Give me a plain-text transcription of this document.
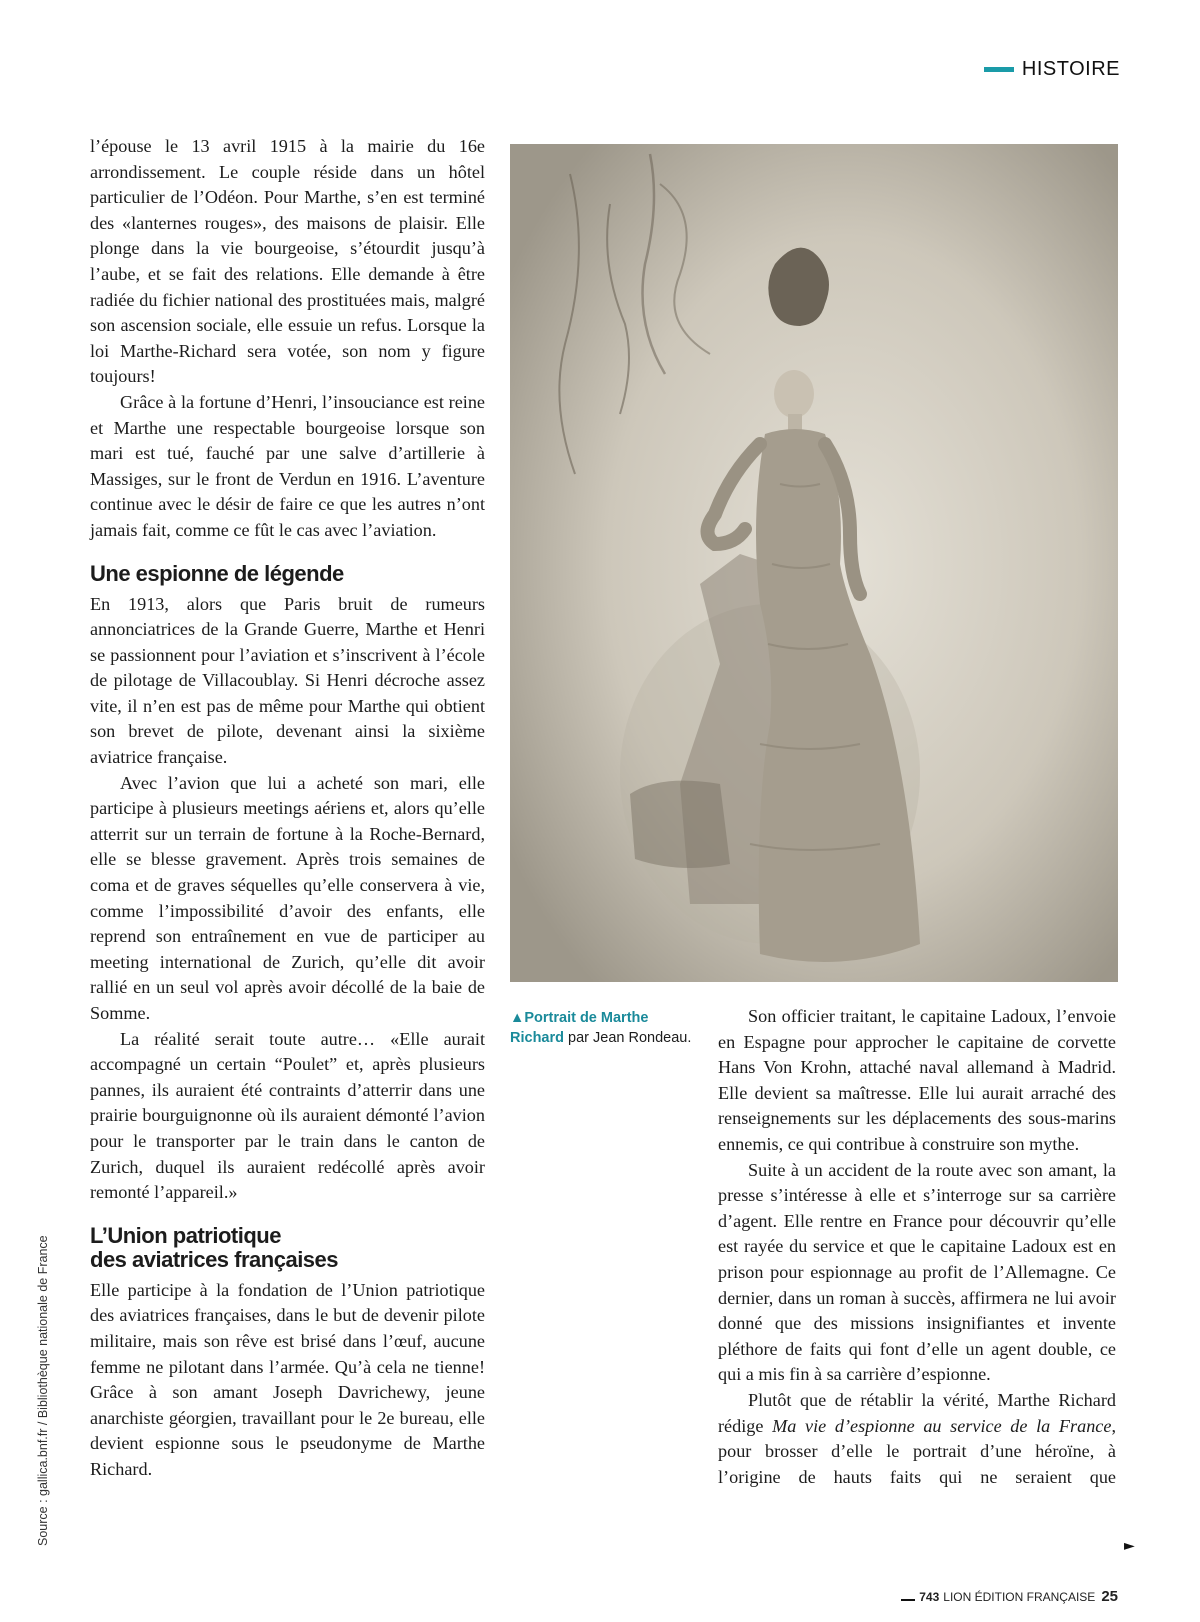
HISTOIRE

l’épouse le 13 avril 1915 à la mairie du 16e arrondissement. Le couple réside dans un hôtel particulier de l’Odéon. Pour Marthe, s’en est terminé des «lanternes rouges», des maisons de plaisir. Elle plonge dans la vie bourgeoise, s’étourdit jusqu’à l’aube, et se fait des relations. Elle demande à être radiée du fichier national des prostituées mais, malgré son ascension sociale, elle essuie un refus. Lorsque la loi Marthe-Richard sera votée, son nom y figure toujours!

Grâce à la fortune d’Henri, l’insouciance est reine et Marthe une respectable bourgeoise lorsque son mari est tué, fauché par une salve d’artillerie à Massiges, sur le front de Verdun en 1916. L’aventure continue avec le désir de faire ce que les autres n’ont jamais fait, comme ce fût le cas avec l’aviation.

Une espionne de légende

En 1913, alors que Paris bruit de rumeurs annonciatrices de la Grande Guerre, Marthe et Henri se passionnent pour l’aviation et s’inscrivent à l’école de pilotage de Villacoublay. Si Henri décroche assez vite, il n’en est pas de même pour Marthe qui obtient son brevet de pilote, devenant ainsi la sixième aviatrice française.

Avec l’avion que lui a acheté son mari, elle participe à plusieurs meetings aériens et, alors qu’elle atterrit sur un terrain de fortune à la Roche-Bernard, elle se blesse gravement. Après trois semaines de coma et de graves séquelles qu’elle conservera à vie, comme l’impossibilité d’avoir des enfants, elle reprend son entraînement en vue de participer au meeting international de Zurich, qu’elle dit avoir rallié en un seul vol après avoir décollé de la baie de Somme.

La réalité serait toute autre… «Elle aurait accompagné un certain “Poulet” et, après plusieurs pannes, ils auraient été contraints d’atterrir dans une prairie bourguignonne où ils auraient démonté l’avion pour le transporter par le train dans le canton de Zurich, duquel ils auraient redécollé après avoir remonté l’appareil.»

L’Union patriotique
des aviatrices françaises

Elle participe à la fondation de l’Union patriotique des aviatrices françaises, dans le but de devenir pilote militaire, mais son rêve est brisé dans l’œuf, aucune femme ne pilotant dans l’armée. Qu’à cela ne tienne! Grâce à son amant Joseph Davrichewy, jeune anarchiste géorgien, travaillant pour le 2e bureau, elle devient espionne sous le pseudonyme de Marthe Richard.

▲Portrait de Marthe Richard par Jean Rondeau.

Son officier traitant, le capitaine Ladoux, l’envoie en Espagne pour approcher le capitaine de corvette Hans Von Krohn, attaché naval allemand à Madrid. Elle devient sa maîtresse. Elle lui aurait arraché des renseignements sur les déplacements des sous-marins ennemis, ce qui contribue à construire son mythe.

Suite à un accident de la route avec son amant, la presse s’intéresse à elle et s’interroge sur sa carrière d’agent. Elle rentre en France pour découvrir qu’elle est rayée du service et que le capitaine Ladoux est en prison pour espionnage au profit de l’Allemagne. Ce dernier, dans un roman à succès, affirmera ne lui avoir donné que des missions insignifiantes et invente pléthore de faits qui font d’elle un agent double, ce qui a mis fin à sa carrière d’espionne.

Plutôt que de rétablir la vérité, Marthe Richard rédige Ma vie d’espionne au service de la France, pour brosser d’elle le portrait d’une héroïne, à l’origine de hauts faits qui ne seraient que

►
Source : gallica.bnf.fr / Bibliothèque nationale de France
743 LION ÉDITION FRANÇAISE 25
